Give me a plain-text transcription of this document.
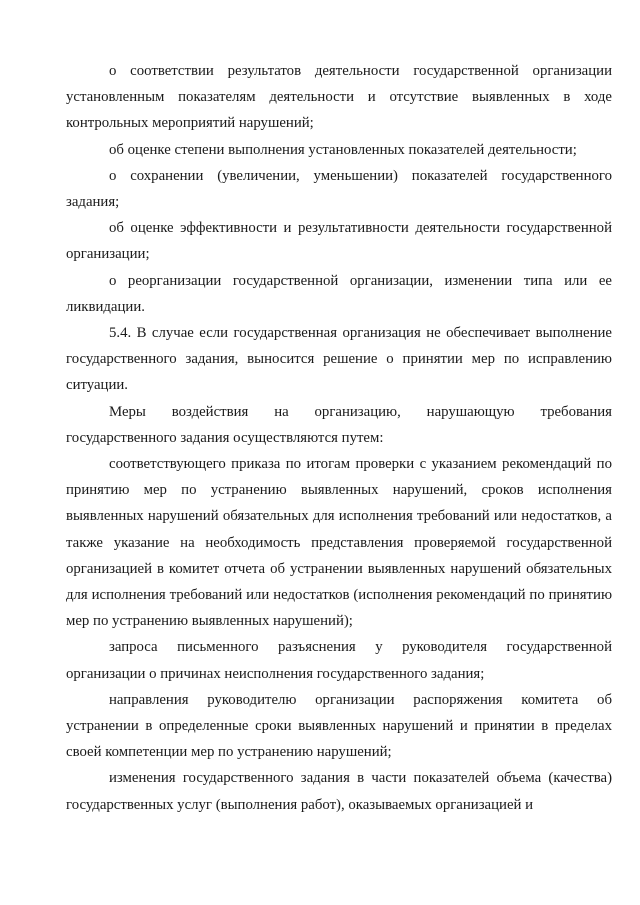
о соответствии результатов деятельности государственной организации установленным показателям деятельности и отсутствие выявленных в ходе контрольных мероприятий нарушений;

об оценке степени выполнения установленных показателей деятельности;

о сохранении (увеличении, уменьшении) показателей государственного задания;

об оценке эффективности и результативности деятельности государственной организации;

о реорганизации государственной организации, изменении типа или ее ликвидации.

5.4. В случае если государственная организация не обеспечивает выполнение государственного задания, выносится решение о принятии мер по исправлению ситуации.

Меры воздействия на организацию, нарушающую требования государственного задания осуществляются путем:

соответствующего приказа по итогам проверки с указанием рекомендаций по принятию мер по устранению выявленных нарушений, сроков исполнения выявленных нарушений обязательных для исполнения требований или недостатков, а также указание на необходимость представления проверяемой государственной организацией в комитет отчета об устранении выявленных нарушений обязательных для исполнения требований или недостатков (исполнения рекомендаций по принятию мер по устранению выявленных нарушений);

запроса письменного разъяснения у руководителя государственной организации о причинах неисполнения государственного задания;

направления руководителю организации распоряжения комитета об устранении в определенные сроки выявленных нарушений и принятии в пределах своей компетенции мер по устранению нарушений;

изменения государственного задания в части показателей объема (качества) государственных услуг (выполнения работ), оказываемых организацией и
